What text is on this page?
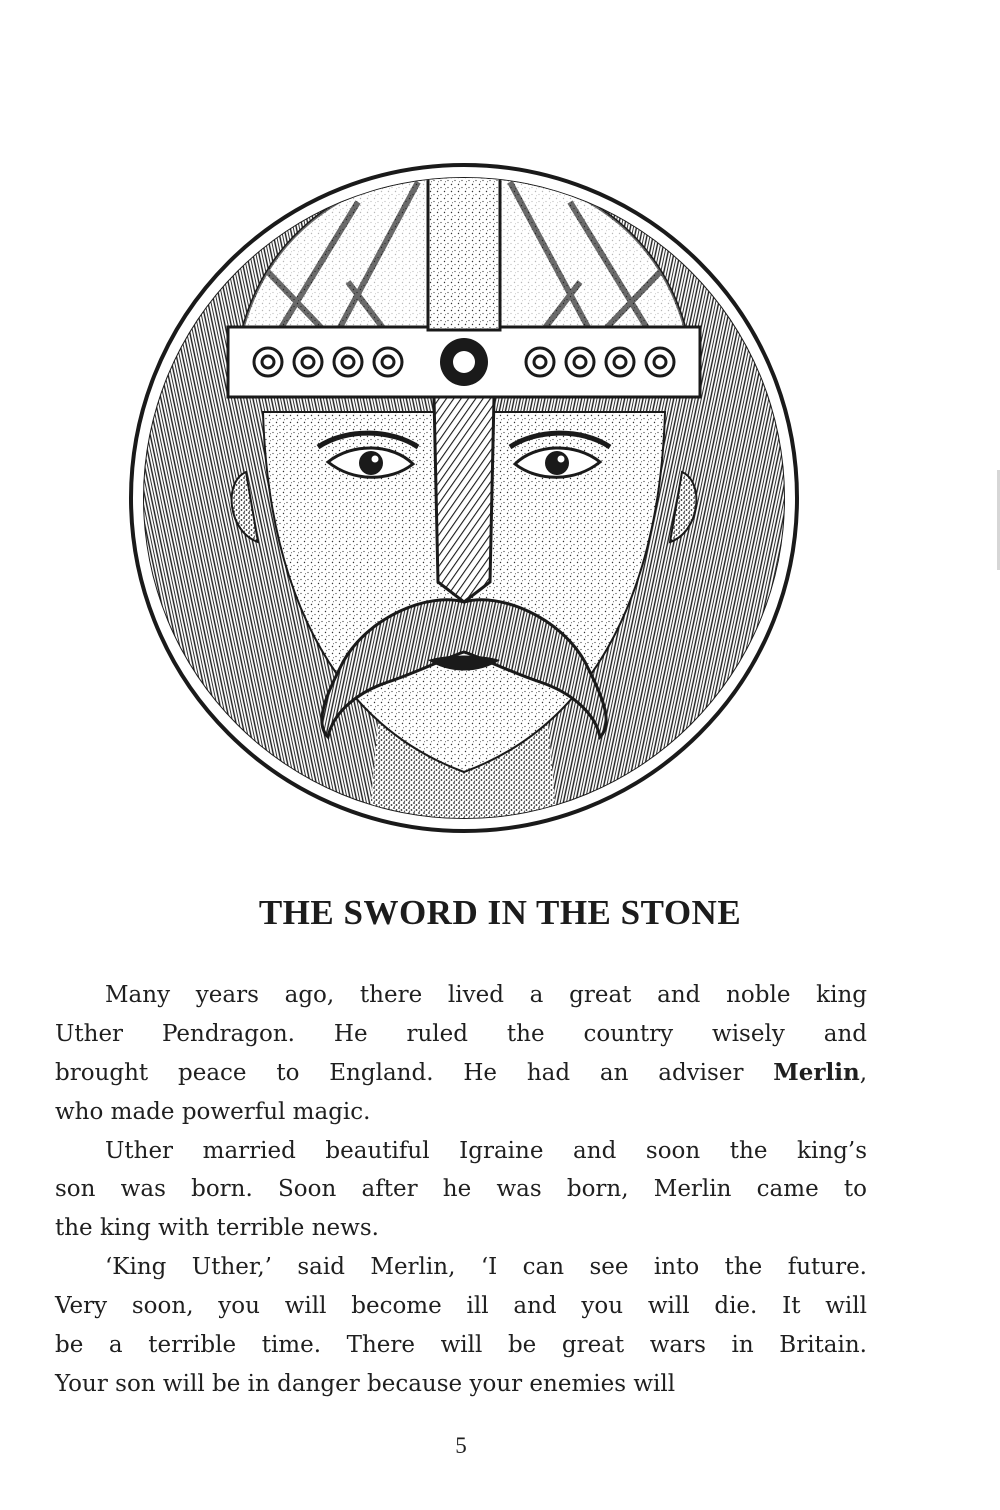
THE SWORD IN THE STONE
Many years ago, there lived a great and noble king
Uther Pendragon. He ruled the country wisely and
brought peace to England. He had an adviser Merlin,
who made powerful magic.
Uther married beautiful Igraine and soon the king’s
son was born. Soon after he was born, Merlin came to
the king with terrible news.
‘King Uther,’ said Merlin, ‘I can see into the future.
Very soon, you will become ill and you will die. It will
be a terrible time. There will be great wars in Britain.
Your son will be in danger because your enemies will
5
